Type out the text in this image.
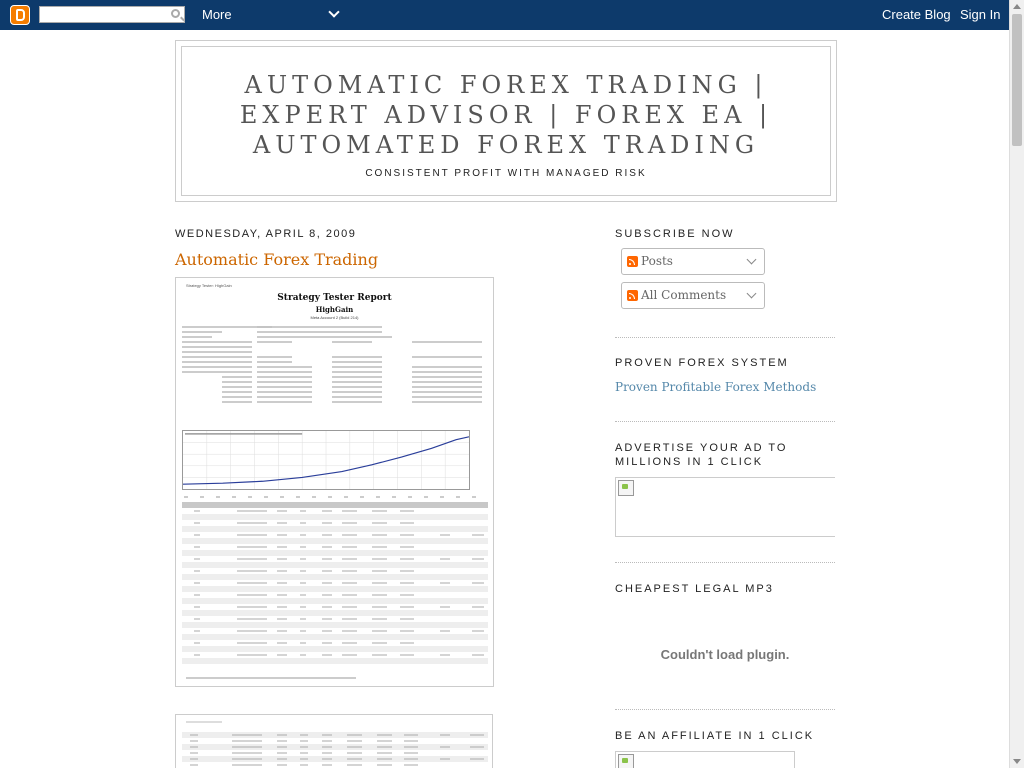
More	Create Blog Sign In
AUTOMATIC FOREX TRADING | EXPERT ADVISOR | FOREX EA | AUTOMATED FOREX TRADING
CONSISTENT PROFIT WITH MANAGED RISK
WEDNESDAY, APRIL 8, 2009
Automatic Forex Trading
Strategy Tester: HighGain
Strategy Tester Report
HighGain
Meta Account 2 (Build 214)
SUBSCRIBE NOW
Posts
All Comments
PROVEN FOREX SYSTEM
Proven Profitable Forex Methods
ADVERTISE YOUR AD TO MILLIONS IN 1 CLICK
CHEAPEST LEGAL MP3
Couldn't load plugin.
BE AN AFFILIATE IN 1 CLICK
